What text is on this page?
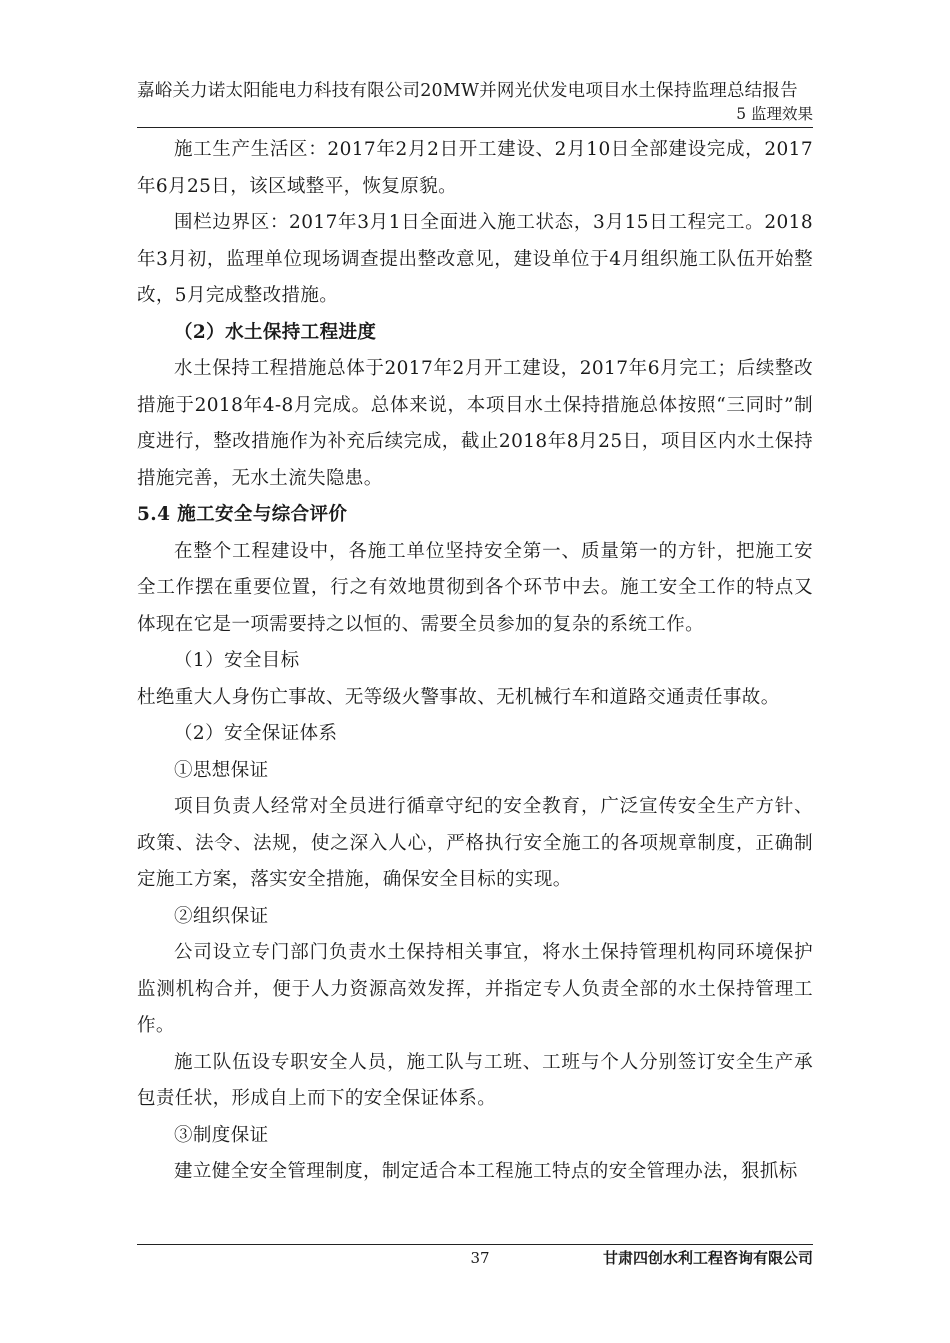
嘉峪关力诺太阳能电力科技有限公司20MW并网光伏发电项目水土保持监理总结报告
5 监理效果

施工生产生活区：2017年2月2日开工建设、2月10日全部建设完成，2017年6月25日，该区域整平，恢复原貌。

围栏边界区：2017年3月1日全面进入施工状态，3月15日工程完工。2018年3月初，监理单位现场调查提出整改意见，建设单位于4月组织施工队伍开始整改，5月完成整改措施。

（2）水土保持工程进度

水土保持工程措施总体于2017年2月开工建设，2017年6月完工；后续整改措施于2018年4-8月完成。总体来说，本项目水土保持措施总体按照“三同时”制度进行，整改措施作为补充后续完成，截止2018年8月25日，项目区内水土保持措施完善，无水土流失隐患。

5.4 施工安全与综合评价

在整个工程建设中，各施工单位坚持安全第一、质量第一的方针，把施工安全工作摆在重要位置，行之有效地贯彻到各个环节中去。施工安全工作的特点又体现在它是一项需要持之以恒的、需要全员参加的复杂的系统工作。

（1）安全目标

杜绝重大人身伤亡事故、无等级火警事故、无机械行车和道路交通责任事故。

（2）安全保证体系

①思想保证

项目负责人经常对全员进行循章守纪的安全教育，广泛宣传安全生产方针、政策、法令、法规，使之深入人心，严格执行安全施工的各项规章制度，正确制定施工方案，落实安全措施，确保安全目标的实现。

②组织保证

公司设立专门部门负责水土保持相关事宜，将水土保持管理机构同环境保护监测机构合并，便于人力资源高效发挥，并指定专人负责全部的水土保持管理工作。

施工队伍设专职安全人员，施工队与工班、工班与个人分别签订安全生产承包责任状，形成自上而下的安全保证体系。

③制度保证

建立健全安全管理制度，制定适合本工程施工特点的安全管理办法，狠抓标

37	甘肃四创水利工程咨询有限公司
